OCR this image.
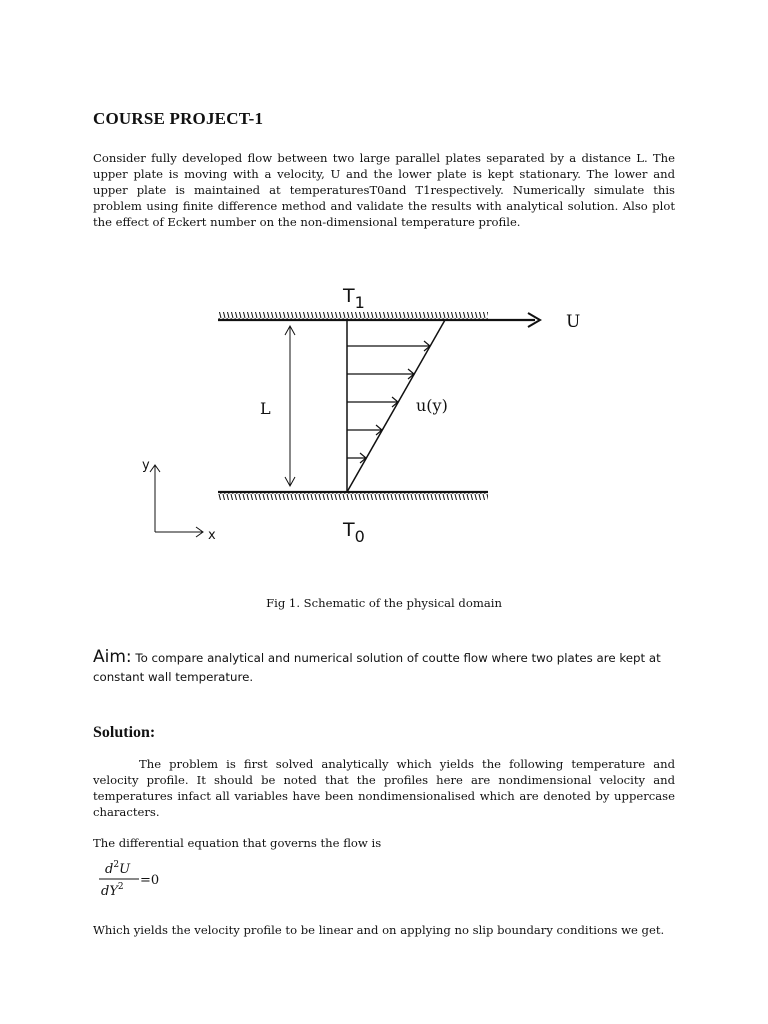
COURSE PROJECT-1

Consider fully developed flow between two large parallel plates separated by a distance L. The upper plate is moving with a velocity, U and the lower plate is kept stationary. The lower and upper plate is maintained at temperaturesT0and T1respectively. Numerically simulate this problem using finite difference method and validate the results with analytical solution. Also plot the effect of Eckert number on the non-dimensional temperature profile.

$T_1$
U
L	u(y)
y
x	$T_0$
Fig 1. Schematic of the physical domain

Aim: To compare analytical and numerical solution of coutte flow where two plates are kept at constant wall temperature.

Solution:

The problem is first solved analytically which yields the following temperature and velocity profile. It should be noted that the profiles here are nondimensional velocity and temperatures infact all variables have been nondimensionalised which are denoted by uppercase characters.

The differential equation that governs the flow is

$d^2U$
$dY^2 =0$

Which yields the velocity profile to be linear and on applying no slip boundary conditions we get.
